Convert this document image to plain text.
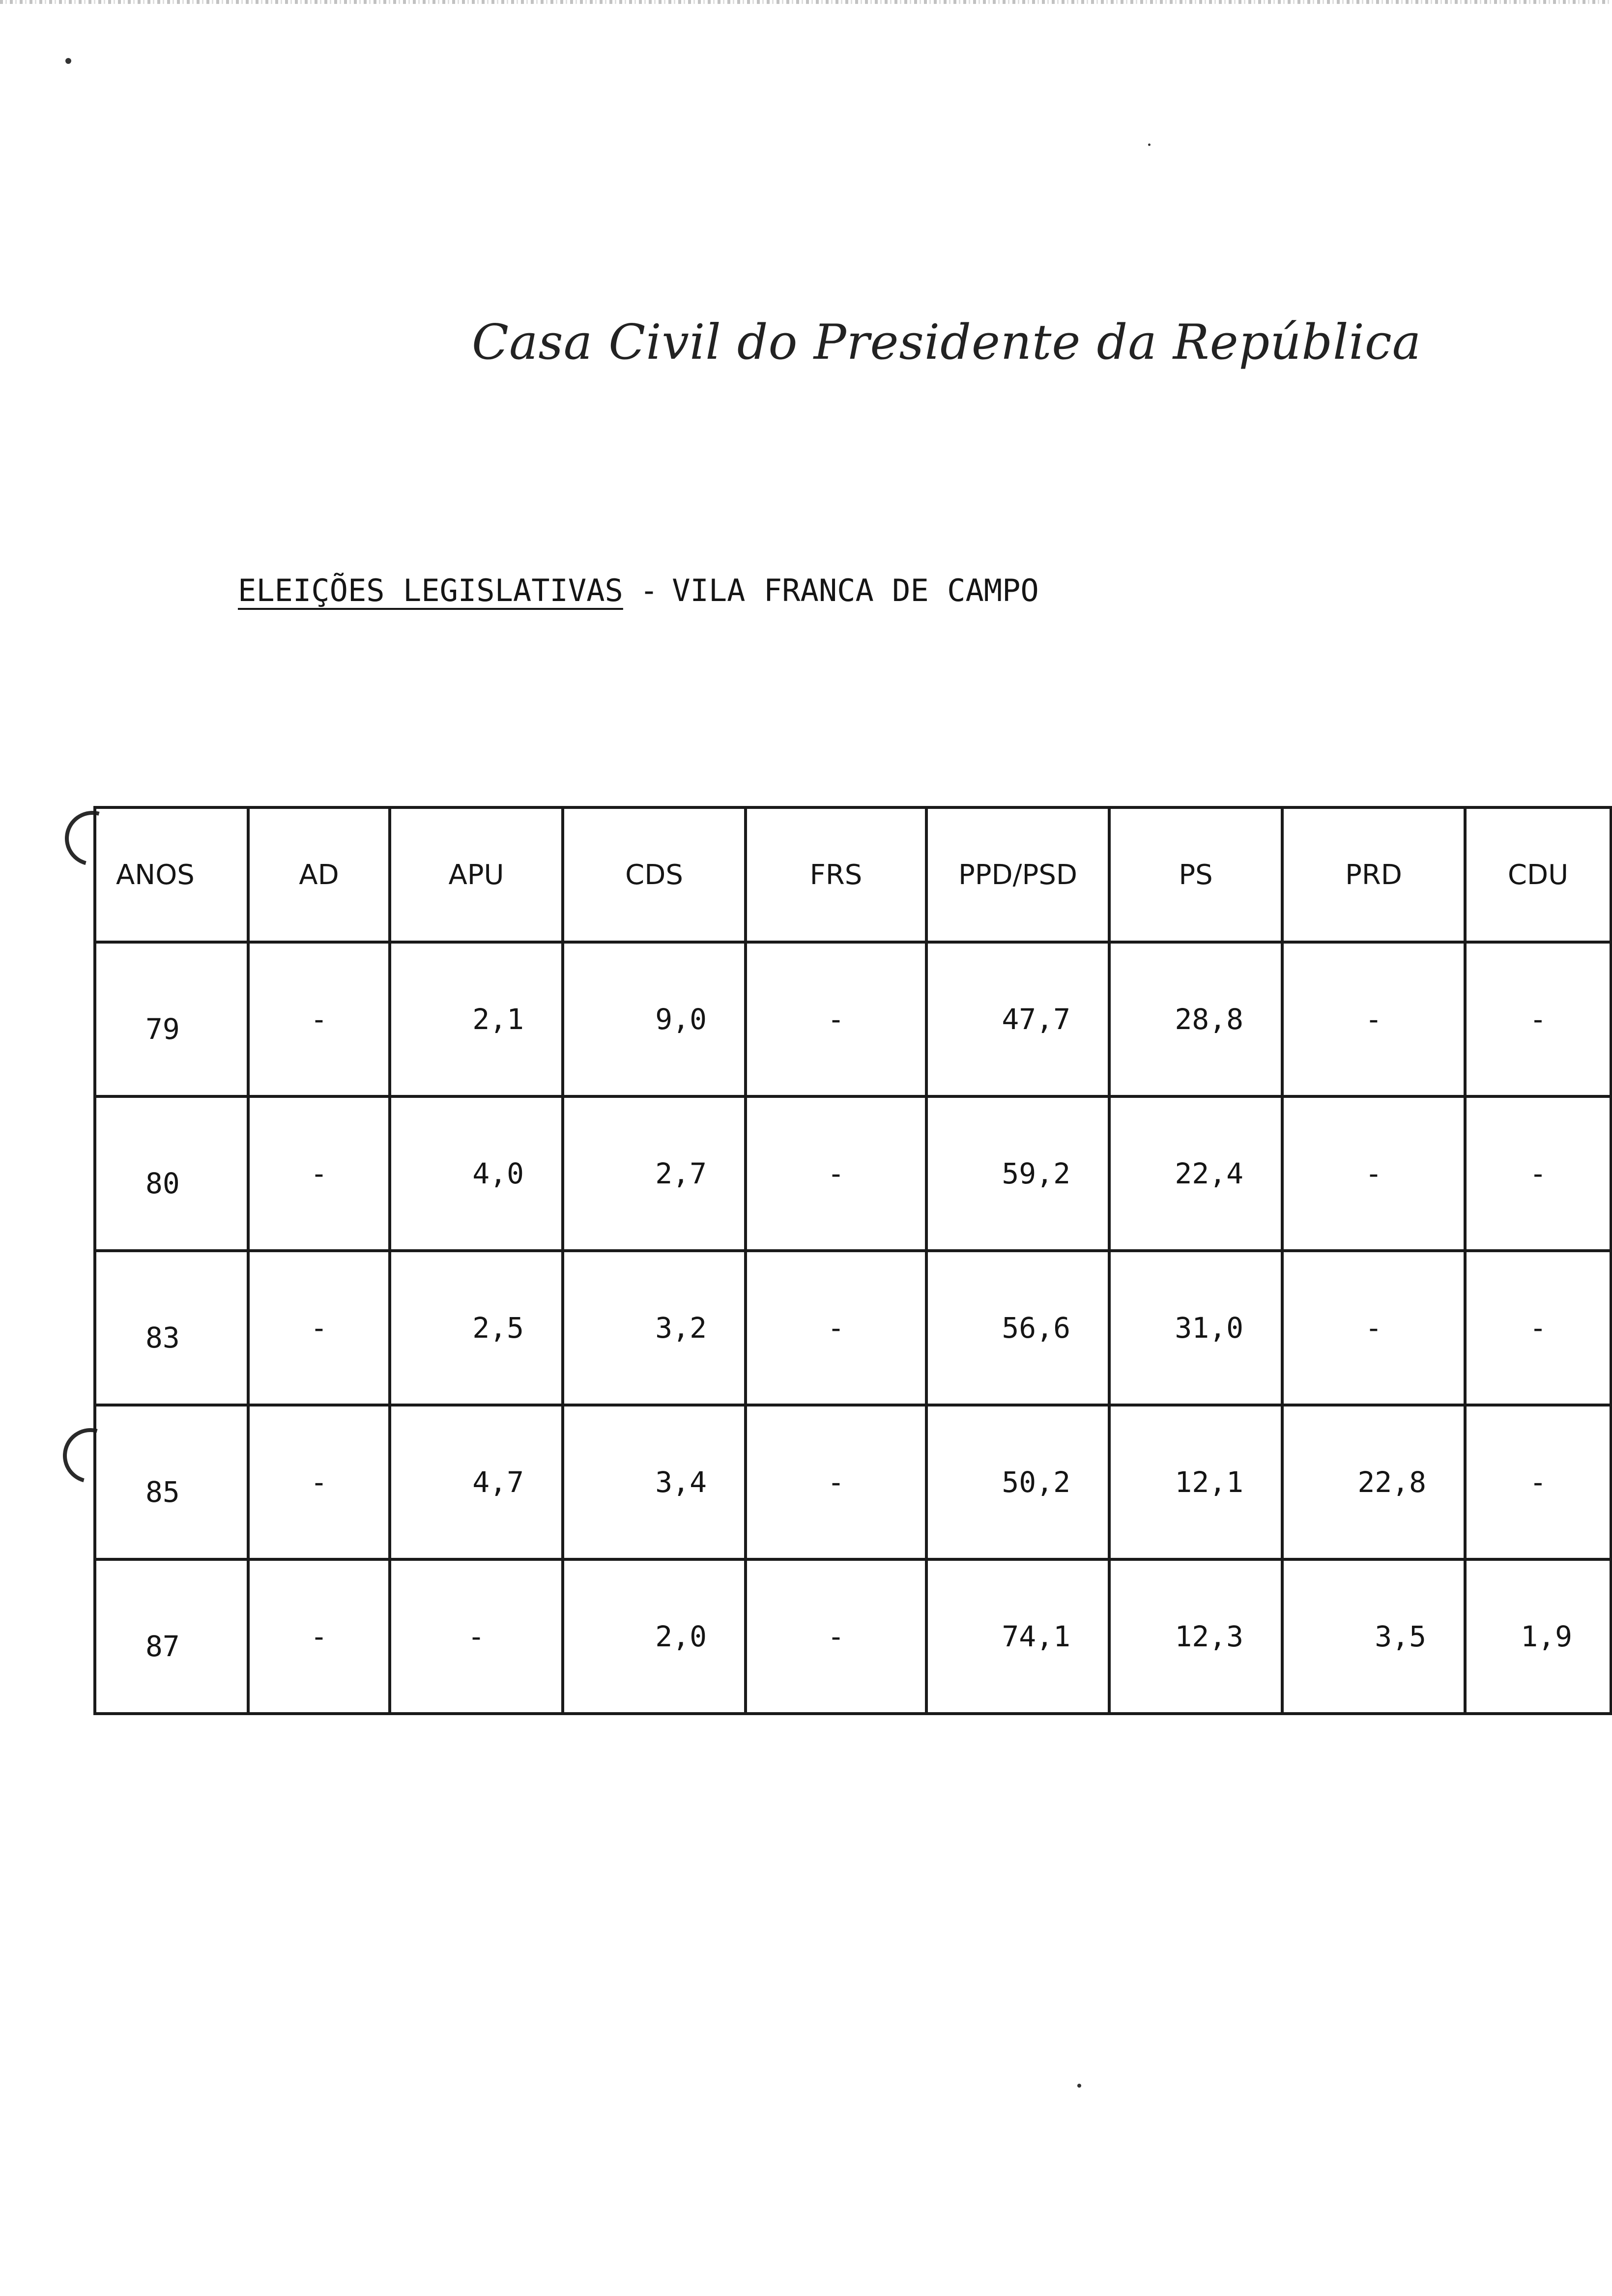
Casa Civil do Presidente da República
ELEIÇÕES LEGISLATIVAS - VILA FRANCA DE CAMPO
ANOS	AD	APU	CDS	FRS	PPD/PSD	PS	PRD	CDU
79	-	2,1	9,0	-	47,7	28,8	-	-
80	-	4,0	2,7	-	59,2	22,4	-	-
83	-	2,5	3,2	-	56,6	31,0	-	-
85	-	4,7	3,4	-	50,2	12,1	22,8	-
87	-	-	2,0	-	74,1	12,3	3,5	1,9
